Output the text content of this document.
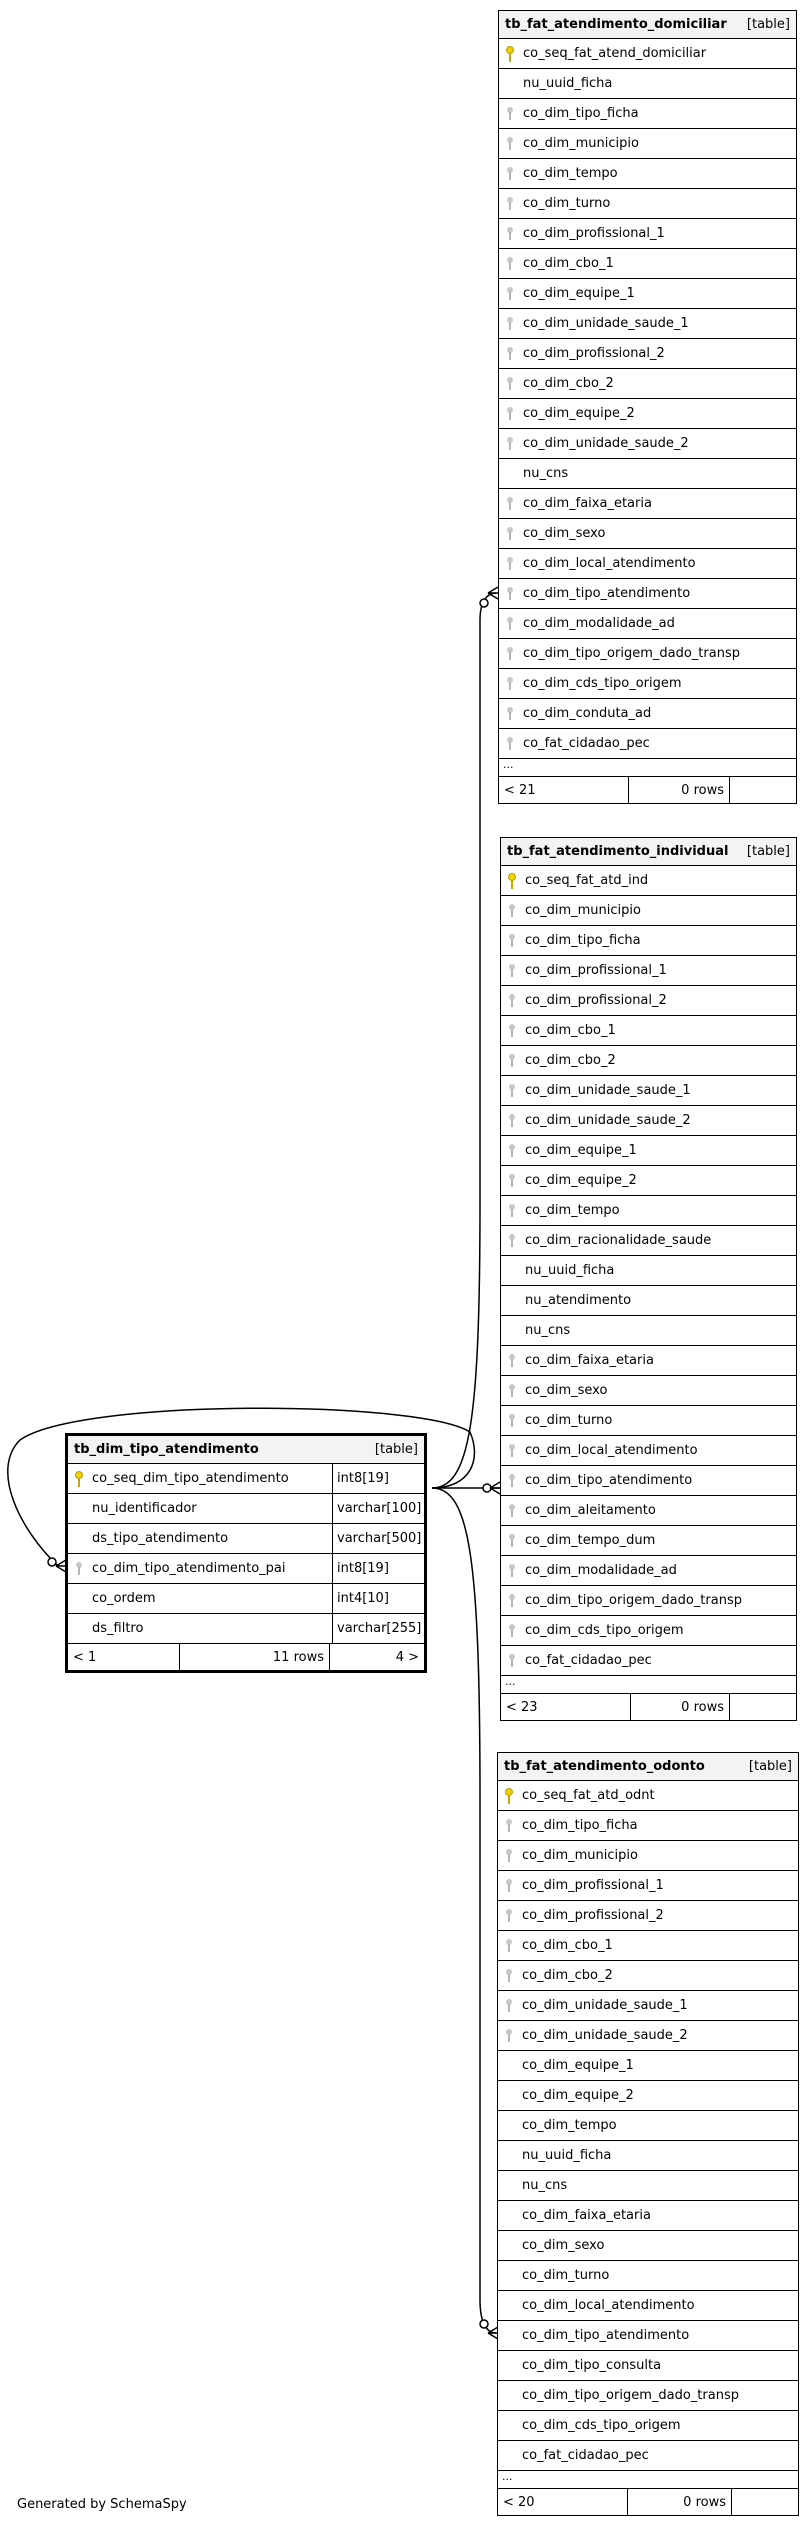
tb_fat_atendimento_domiciliar [table]
co_seq_fat_atend_domiciliar
nu_uuid_ficha
co_dim_tipo_ficha
co_dim_municipio
co_dim_tempo
co_dim_turno
co_dim_profissional_1
co_dim_cbo_1
co_dim_equipe_1
co_dim_unidade_saude_1
co_dim_profissional_2
co_dim_cbo_2
co_dim_equipe_2
co_dim_unidade_saude_2
nu_cns
co_dim_faixa_etaria
co_dim_sexo
co_dim_local_atendimento
co_dim_tipo_atendimento
co_dim_modalidade_ad
co_dim_tipo_origem_dado_transp
co_dim_cds_tipo_origem
co_dim_conduta_ad
co_fat_cidadao_pec
...
< 21	0 rows
tb_fat_atendimento_individual [table]
co_seq_fat_atd_ind
co_dim_municipio
co_dim_tipo_ficha
co_dim_profissional_1
co_dim_profissional_2
co_dim_cbo_1
co_dim_cbo_2
co_dim_unidade_saude_1
co_dim_unidade_saude_2
co_dim_equipe_1
co_dim_equipe_2
co_dim_tempo
co_dim_racionalidade_saude
nu_uuid_ficha
nu_atendimento
nu_cns
co_dim_faixa_etaria
co_dim_sexo
co_dim_turno
co_dim_local_atendimento
co_dim_tipo_atendimento
co_dim_aleitamento
co_dim_tempo_dum
co_dim_modalidade_ad
co_dim_tipo_origem_dado_transp
co_dim_cds_tipo_origem
co_fat_cidadao_pec
...
< 23	0 rows
tb_fat_atendimento_odonto	[table]
co_seq_fat_atd_odnt
co_dim_tipo_ficha
co_dim_municipio
co_dim_profissional_1
co_dim_profissional_2
co_dim_cbo_1
co_dim_cbo_2
co_dim_unidade_saude_1
co_dim_unidade_saude_2
co_dim_equipe_1
co_dim_equipe_2
co_dim_tempo
nu_uuid_ficha
nu_cns
co_dim_faixa_etaria
co_dim_sexo
co_dim_turno
co_dim_local_atendimento
co_dim_tipo_atendimento
co_dim_tipo_consulta
co_dim_tipo_origem_dado_transp
co_dim_cds_tipo_origem
co_fat_cidadao_pec
...
< 20	0 rows
tb_dim_tipo_atendimento	[table]
co_seq_dim_tipo_atendimento	int8[19]
nu_identificador	varchar[100]
ds_tipo_atendimento	varchar[500]
co_dim_tipo_atendimento_pai	int8[19]
co_ordem	int4[10]
ds_filtro	varchar[255]
< 1	11 rows	4 >
Generated by SchemaSpy
